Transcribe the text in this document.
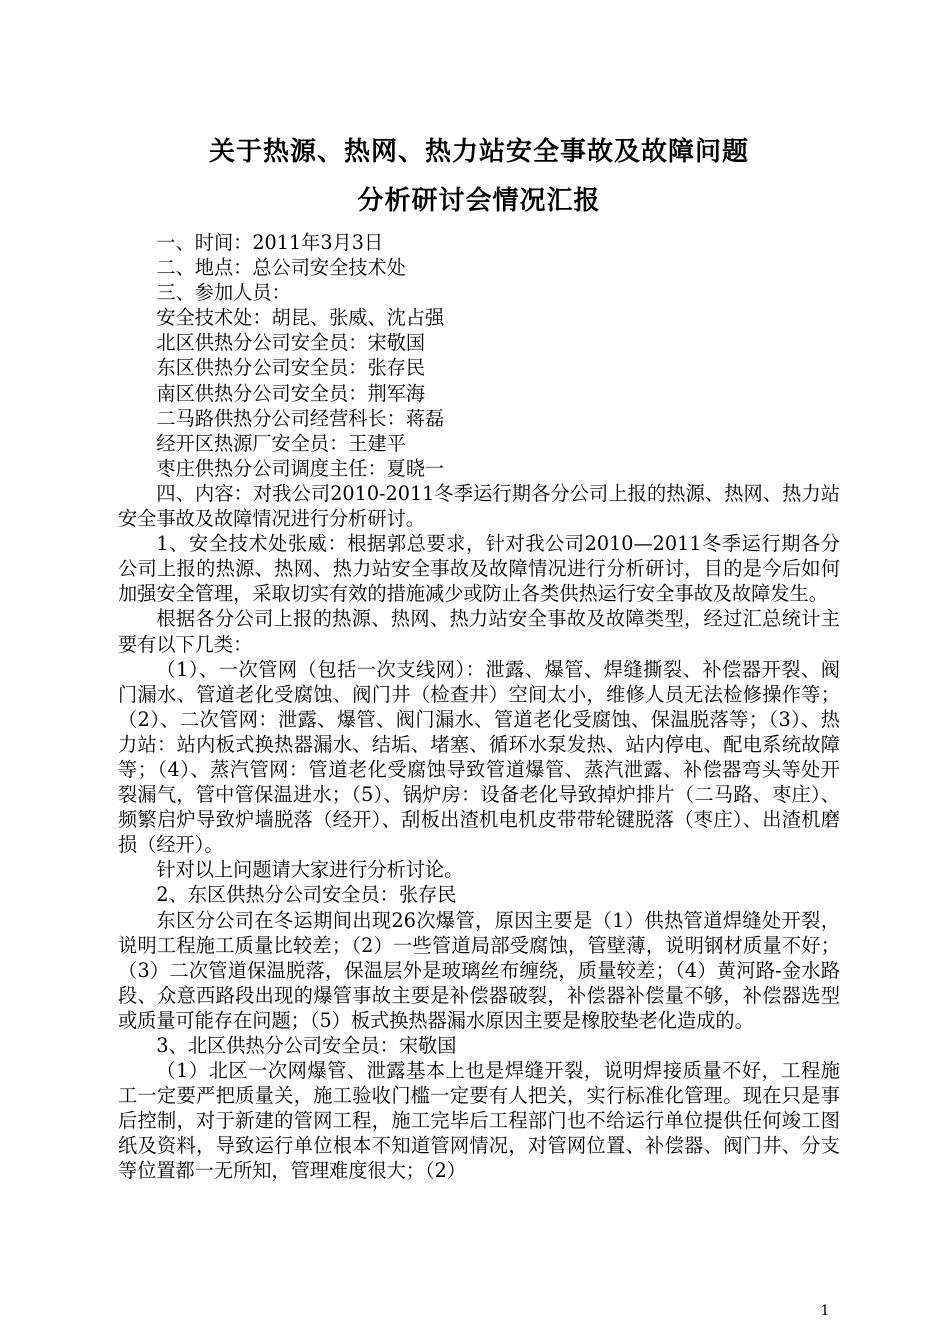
关于热源、热网、热力站安全事故及故障问题
分析研讨会情况汇报

一、时间：2011年3月3日

二、地点：总公司安全技术处

三、参加人员：

安全技术处：胡昆、张威、沈占强

北区供热分公司安全员：宋敬国

东区供热分公司安全员：张存民

南区供热分公司安全员：荆军海

二马路供热分公司经营科长：蒋磊

经开区热源厂安全员：王建平

枣庄供热分公司调度主任：夏晓一

四、内容：对我公司2010-2011冬季运行期各分公司上报的热源、热网、热力站安全事故及故障情况进行分析研讨。

1、安全技术处张威：根据郭总要求，针对我公司2010—2011冬季运行期各分公司上报的热源、热网、热力站安全事故及故障情况进行分析研讨，目的是今后如何加强安全管理，采取切实有效的措施减少或防止各类供热运行安全事故及故障发生。

根据各分公司上报的热源、热网、热力站安全事故及故障类型，经过汇总统计主要有以下几类：

（1）、一次管网（包括一次支线网）：泄露、爆管、焊缝撕裂、补偿器开裂、阀门漏水、管道老化受腐蚀、阀门井（检查井）空间太小，维修人员无法检修操作等；（2）、二次管网：泄露、爆管、阀门漏水、管道老化受腐蚀、保温脱落等；（3）、热力站：站内板式换热器漏水、结垢、堵塞、循环水泵发热、站内停电、配电系统故障等；（4）、蒸汽管网：管道老化受腐蚀导致管道爆管、蒸汽泄露、补偿器弯头等处开裂漏气，管中管保温进水；（5）、锅炉房：设备老化导致掉炉排片（二马路、枣庄）、频繁启炉导致炉墙脱落（经开）、刮板出渣机电机皮带带轮键脱落（枣庄）、出渣机磨损（经开）。

针对以上问题请大家进行分析讨论。

2、东区供热分公司安全员：张存民

东区分公司在冬运期间出现26次爆管，原因主要是（1）供热管道焊缝处开裂，说明工程施工质量比较差；（2）一些管道局部受腐蚀，管壁薄，说明钢材质量不好；（3）二次管道保温脱落，保温层外是玻璃丝布缠绕，质量较差；（4）黄河路-金水路段、众意西路段出现的爆管事故主要是补偿器破裂，补偿器补偿量不够，补偿器选型或质量可能存在问题；（5）板式换热器漏水原因主要是橡胶垫老化造成的。

3、北区供热分公司安全员：宋敬国

（1）北区一次网爆管、泄露基本上也是焊缝开裂，说明焊接质量不好，工程施工一定要严把质量关，施工验收门槛一定要有人把关，实行标准化管理。现在只是事后控制，对于新建的管网工程，施工完毕后工程部门也不给运行单位提供任何竣工图纸及资料，导致运行单位根本不知道管网情况，对管网位置、补偿器、阀门井、分支等位置都一无所知，管理难度很大；（2）

1
